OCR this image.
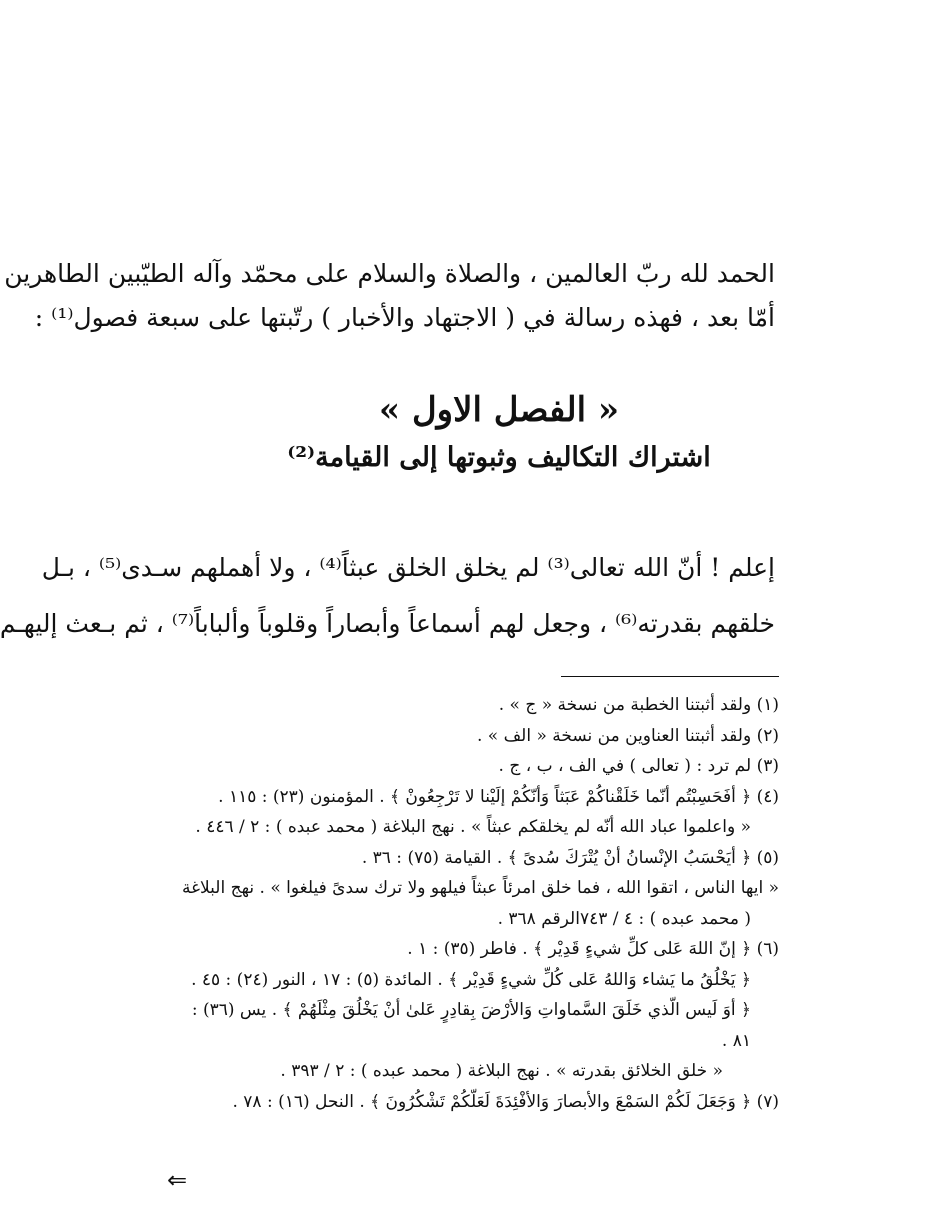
الحمد لله ربّ العالمين ، والصلاة والسلام على محمّد وآله الطيّبين الطاهرين

أمّا بعد ، فهذه رسالة في ( الاجتهاد والأخبار ) رتّبتها على سبعة فصول⁽¹⁾ :

« الفصل الاول »
اشتراك التكاليف وثبوتها إلى القيامة⁽²⁾

إعلم ! أنّ الله تعالى⁽³⁾ لم يخلق الخلق عبثاً⁽⁴⁾ ، ولا أهملهم سـدى⁽⁵⁾ ، بـل

خلقهم بقدرته⁽⁶⁾ ، وجعل لهم أسماعاً وأبصاراً وقلوباً وألباباً⁽⁷⁾ ، ثم بـعث إليهـم

(١) ولقد أثبتنا الخطبة من نسخة « ج » .

(٢) ولقد أثبتنا العناوين من نسخة « الف » .

(٣) لم ترد : ( تعالى ) في الف ، ب ، ج .

(٤) ﴿ أفَحَسِبْتُم أنّما خَلَقْناكُمْ عَبَثاً وَأنّكُمْ إلَيْنا لا تَرْجِعُونْ ﴾ . المؤمنون (٢٣) : ١١٥ .

« واعلموا عباد الله أنّه لم يخلقكم عبثاً » . نهج البلاغة ( محمد عبده ) : ٢ / ٤٤٦ .

(٥) ﴿ أيَحْسَبُ الإنْسانُ أنْ يُتْرَكَ سُدىً ﴾ . القيامة (٧٥) : ٣٦ .

« ايها الناس ، اتقوا الله ، فما خلق امرئاً عبثاً فيلهو ولا ترك سدىً فيلغوا » . نهج البلاغة

( محمد عبده ) : ٤ / ٧٤٣الرقم ٣٦٨ .

(٦) ﴿ إنّ اللهَ عَلى كلِّ شيءٍ قَدِيْر ﴾ . فاطر (٣٥) : ١ .

﴿ يَخْلُقُ ما يَشاء وَاللهُ عَلى كُلِّ شيءٍ قَدِيْر ﴾ . المائدة (٥) : ١٧ ، النور (٢٤) : ٤٥ .

﴿ أوَ لَيس الّذي خَلَقَ السَّماواتِ وَالأرْضَ بِقادِرٍ عَلىٰ أنْ يَخْلُقَ مِثْلَهُمْ ﴾ . يس (٣٦) :

٨١ .

« خلق الخلائق بقدرته » . نهج البلاغة ( محمد عبده ) : ٢ / ٣٩٣ .

(٧) ﴿ وَجَعَلَ لَكُمْ السَمْعَ والأبصارَ وَالأفْئِدَةَ لَعَلّكُمْ تَشْكُرُونَ ﴾ . النحل (١٦) : ٧٨ .

⇐
